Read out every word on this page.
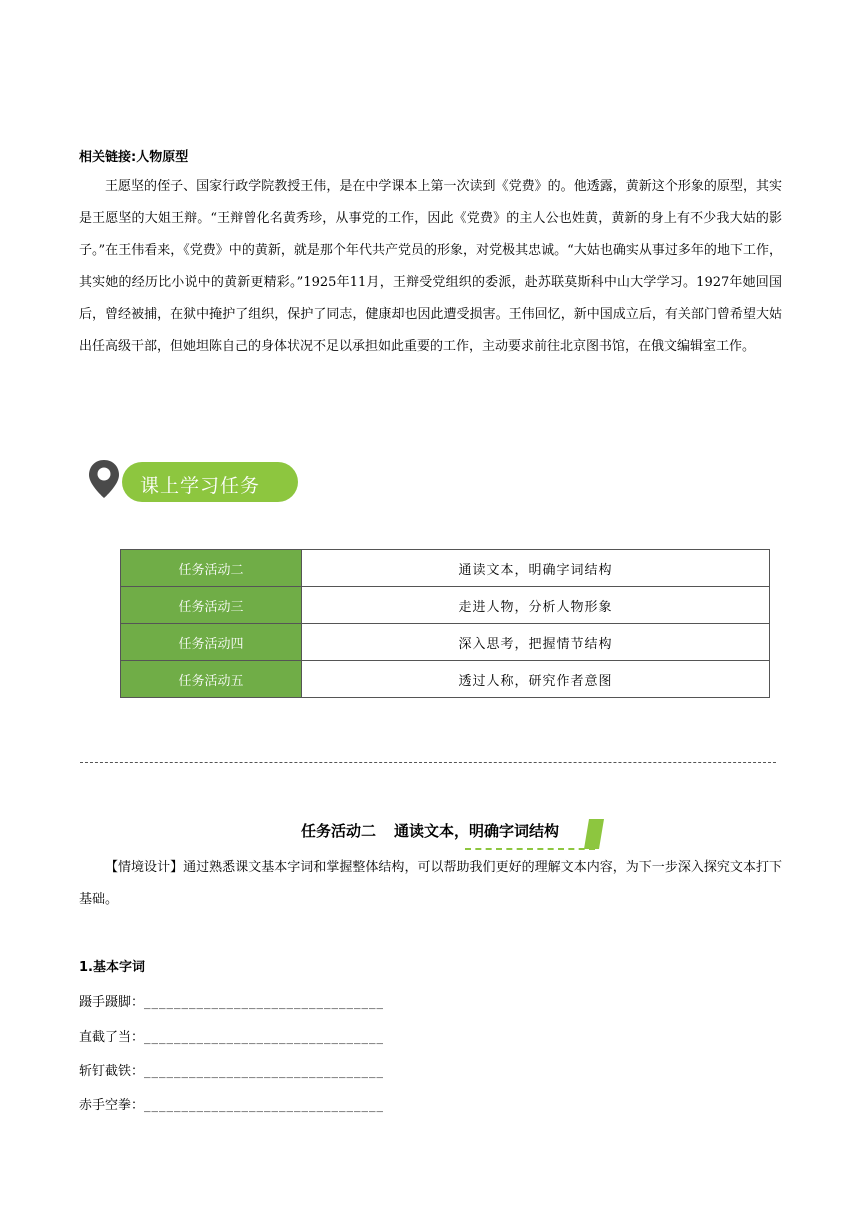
相关链接:人物原型

王愿坚的侄子、国家行政学院教授王伟，是在中学课本上第一次读到《党费》的。他透露，黄新这个形象的原型，其实是王愿坚的大姐王辩。“王辩曾化名黄秀珍，从事党的工作，因此《党费》的主人公也姓黄，黄新的身上有不少我大姑的影子。”在王伟看来，《党费》中的黄新，就是那个年代共产党员的形象，对党极其忠诚。“大姑也确实从事过多年的地下工作，其实她的经历比小说中的黄新更精彩。”1925年11月，王辩受党组织的委派，赴苏联莫斯科中山大学学习。1927年她回国后，曾经被捕，在狱中掩护了组织，保护了同志，健康却也因此遭受损害。王伟回忆，新中国成立后，有关部门曾希望大姑出任高级干部，但她坦陈自己的身体状况不足以承担如此重要的工作，主动要求前往北京图书馆，在俄文编辑室工作。

课上学习任务
任务活动二	通读文本，明确字词结构
任务活动三	走进人物，分析人物形象
任务活动四	深入思考，把握情节结构
任务活动五	透过人称，研究作者意图
任务活动二 通读文本，明确字词结构

【情境设计】通过熟悉课文基本字词和掌握整体结构，可以帮助我们更好的理解文本内容，为下一步深入探究文本打下基础。

1.基本字词
蹑手蹑脚：________________________________
直截了当：________________________________
斩钉截铁：________________________________
赤手空拳：________________________________
